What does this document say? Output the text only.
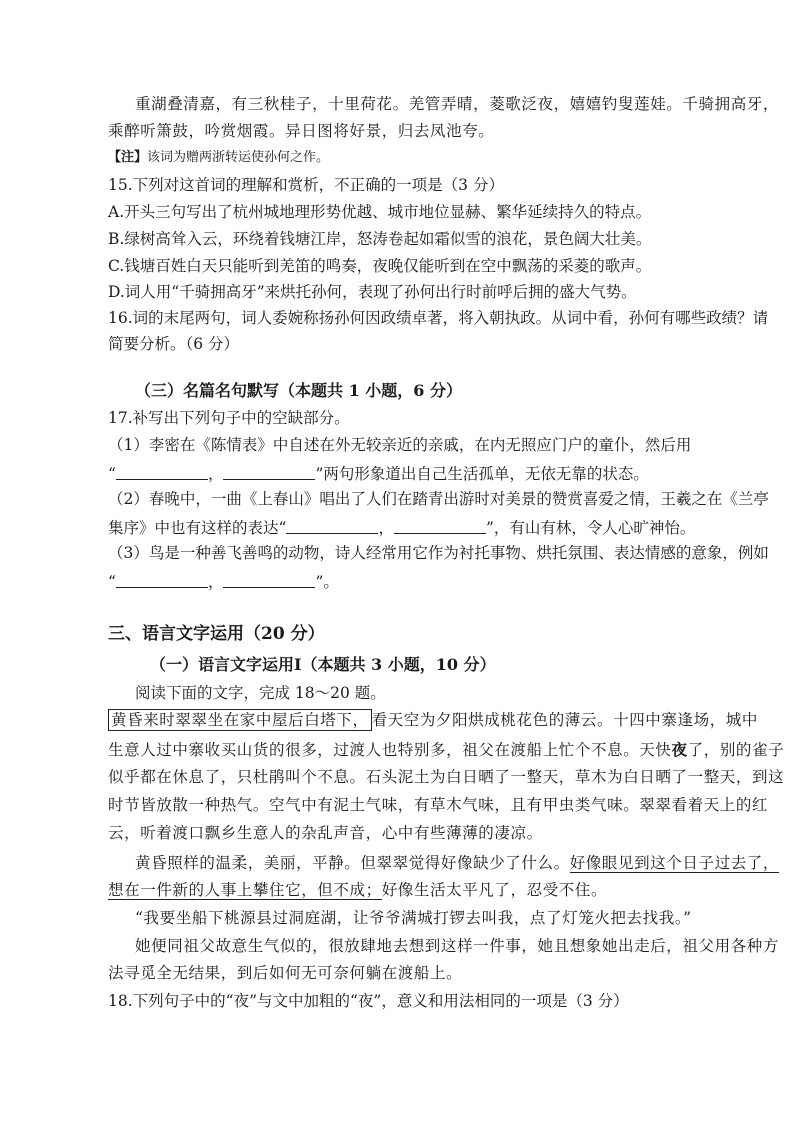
重湖叠清嘉，有三秋桂子，十里荷花。羌管弄晴，菱歌泛夜，嬉嬉钓叟莲娃。千骑拥高牙，
乘醉听箫鼓，吟赏烟霞。异日图将好景，归去凤池夸。
【注】该词为赠两浙转运使孙何之作。
15.下列对这首词的理解和赏析，不正确的一项是（3 分）
A.开头三句写出了杭州城地理形势优越、城市地位显赫、繁华延续持久的特点。
B.绿树高耸入云，环绕着钱塘江岸，怒涛卷起如霜似雪的浪花，景色阔大壮美。
C.钱塘百姓白天只能听到羌笛的鸣奏，夜晚仅能听到在空中飘荡的采菱的歌声。
D.词人用“千骑拥高牙”来烘托孙何，表现了孙何出行时前呼后拥的盛大气势。
16.词的末尾两句，词人委婉称扬孙何因政绩卓著，将入朝执政。从词中看，孙何有哪些政绩？请
简要分析。（6 分）
（三）名篇名句默写（本题共 1 小题，6 分）
17.补写出下列句子中的空缺部分。
（1）李密在《陈情表》中自述在外无较亲近的亲戚，在内无照应门户的童仆，然后用
“	，	”两句形象道出自己生活孤单，无依无靠的状态。
（2）春晚中，一曲《上春山》唱出了人们在踏青出游时对美景的赞赏喜爱之情，王羲之在《兰亭
集序》中也有这样的表达“	，	”，有山有林，令人心旷神怡。
（3）鸟是一种善飞善鸣的动物，诗人经常用它作为衬托事物、烘托氛围、表达情感的意象，例如
“	，	”。
三、语言文字运用（20 分）
（一）语言文字运用Ⅰ（本题共 3 小题，10 分）
阅读下面的文字，完成 18～20 题。
黄昏来时翠翠坐在家中屋后白塔下， 看天空为夕阳烘成桃花色的薄云。十四中寨逢场，城中
生意人过中寨收买山货的很多，过渡人也特别多，祖父在渡船上忙个不息。天快夜了，别的雀子
似乎都在休息了，只杜鹃叫个不息。石头泥土为白日晒了一整天，草木为白日晒了一整天，到这
时节皆放散一种热气。空气中有泥土气味，有草木气味，且有甲虫类气味。翠翠看着天上的红
云，听着渡口飘乡生意人的杂乱声音，心中有些薄薄的凄凉。
黄昏照样的温柔，美丽，平静。但翠翠觉得好像缺少了什么。好像眼见到这个日子过去了，
想在一件新的人事上攀住它，但不成；好像生活太平凡了，忍受不住。
“我要坐船下桃源县过洞庭湖，让爷爷满城打锣去叫我，点了灯笼火把去找我。”
她便同祖父故意生气似的，很放肆地去想到这样一件事，她且想象她出走后，祖父用各种方
法寻觅全无结果，到后如何无可奈何躺在渡船上。
18.下列句子中的“夜”与文中加粗的“夜”，意义和用法相同的一项是（3 分）
